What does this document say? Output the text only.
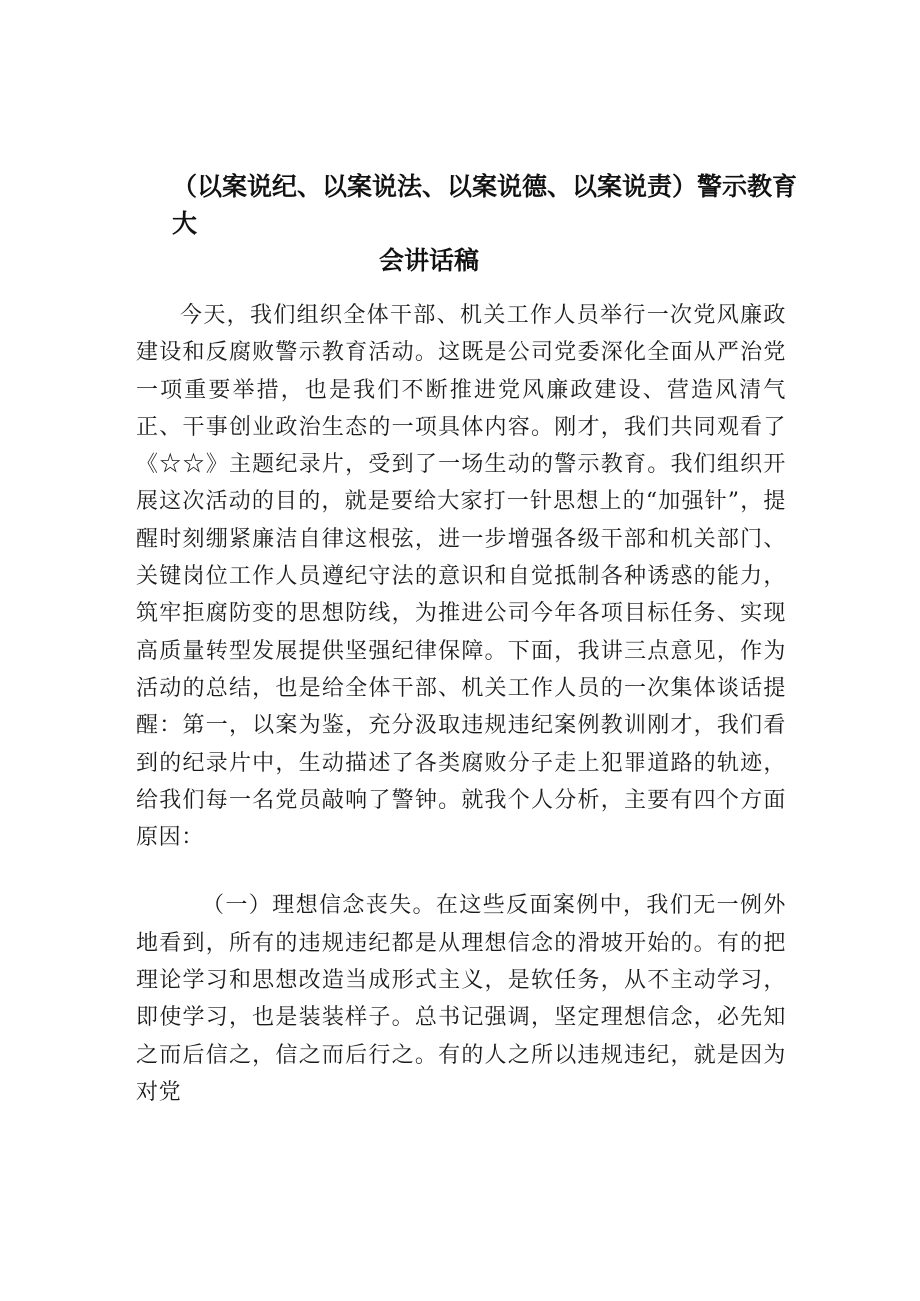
（以案说纪、以案说法、以案说德、以案说责）警示教育大
会讲话稿

今天，我们组织全体干部、机关工作人员举行一次党风廉政建设和反腐败警示教育活动。这既是公司党委深化全面从严治党一项重要举措，也是我们不断推进党风廉政建设、营造风清气正、干事创业政治生态的一项具体内容。刚才，我们共同观看了《☆☆》主题纪录片，受到了一场生动的警示教育。我们组织开展这次活动的目的，就是要给大家打一针思想上的“加强针”，提醒时刻绷紧廉洁自律这根弦，进一步增强各级干部和机关部门、关键岗位工作人员遵纪守法的意识和自觉抵制各种诱惑的能力，筑牢拒腐防变的思想防线，为推进公司今年各项目标任务、实现高质量转型发展提供坚强纪律保障。下面，我讲三点意见，作为活动的总结，也是给全体干部、机关工作人员的一次集体谈话提醒：第一，以案为鉴，充分汲取违规违纪案例教训刚才，我们看到的纪录片中，生动描述了各类腐败分子走上犯罪道路的轨迹，给我们每一名党员敲响了警钟。就我个人分析，主要有四个方面原因：

（一）理想信念丧失。在这些反面案例中，我们无一例外地看到，所有的违规违纪都是从理想信念的滑坡开始的。有的把理论学习和思想改造当成形式主义，是软任务，从不主动学习，即使学习，也是装装样子。总书记强调，坚定理想信念，必先知之而后信之，信之而后行之。有的人之所以违规违纪，就是因为对党
